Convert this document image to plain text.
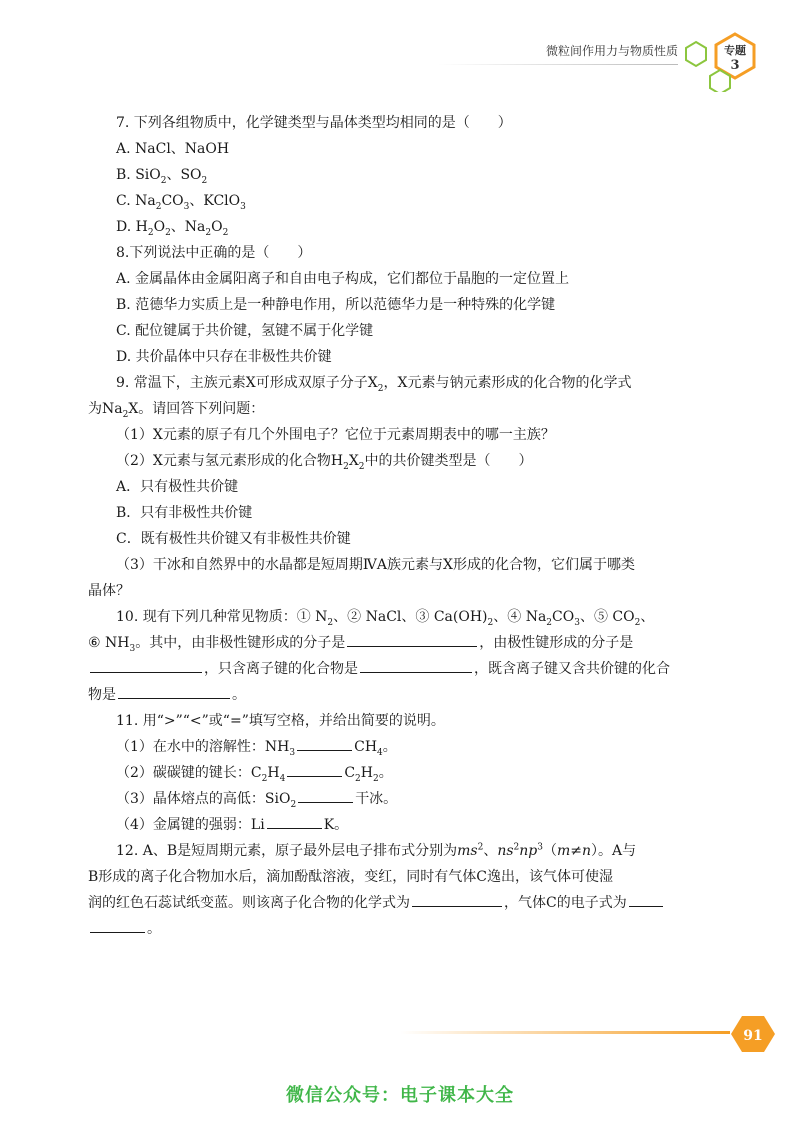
微粒间作用力与物质性质	专题
3
7. 下列各组物质中，化学键类型与晶体类型均相同的是（　　）
A. NaCl、NaOH
B. SiO$_2$、$SO_2$
C. $Na_2CO_3$、KClO$_3$
D. $H_2O_2$、$Na_2O_2$
8.下列说法中正确的是（　　）
A. 金属晶体由金属阳离子和自由电子构成，它们都位于晶胞的一定位置上
B. 范德华力实质上是一种静电作用，所以范德华力是一种特殊的化学键
C. 配位键属于共价键，氢键不属于化学键
D. 共价晶体中只存在非极性共价键
9. 常温下，主族元素X可形成双原子分子$X_2$，X元素与钠元素形成的化合物的化学式
为$Na_2X$。请回答下列问题：
（1）X元素的原子有几个外围电子？它位于元素周期表中的哪一主族？
（2）X元素与氢元素形成的化合物$H_2X_2$中的共价键类型是（　　）
A．只有极性共价键
B．只有非极性共价键
C．既有极性共价键又有非极性共价键
（3）干冰和自然界中的水晶都是短周期ⅣA族元素与X形成的化合物，它们属于哪类
晶体？
10. 现有下列几种常见物质：① $N_2$、② NaCl、③ $Ca(OH)_2$、④ $Na_2CO_3$、⑤ $CO_2$、
⑥ $NH_3$。其中，由非极性键形成的分子是	，由极性键形成的分子是
，只含离子键的化合物是	，既含离子键又含共价键的化合
物是	。
11. 用“>”“<”或“=”填写空格，并给出简要的说明。
（1）在水中的溶解性：$NH_3$	$CH_4$。
（2）碳碳键的键长：$C_2H_4$	$C_2H_2$。
（3）晶体熔点的高低：SiO$_2$	干冰。
（4）金属键的强弱：Li	K。
12. A、B是短周期元素，原子最外层电子排布式分别为$ms^2$、$ns^2np^3(m\ne n)$。A与
B形成的离子化合物加水后，滴加酚酞溶液，变红，同时有气体C逸出，该气体可使湿
润的红色石蕊试纸变蓝。则该离子化合物的化学式为	，气体C的电子式为
。
91
微信公众号：电子课本大全
